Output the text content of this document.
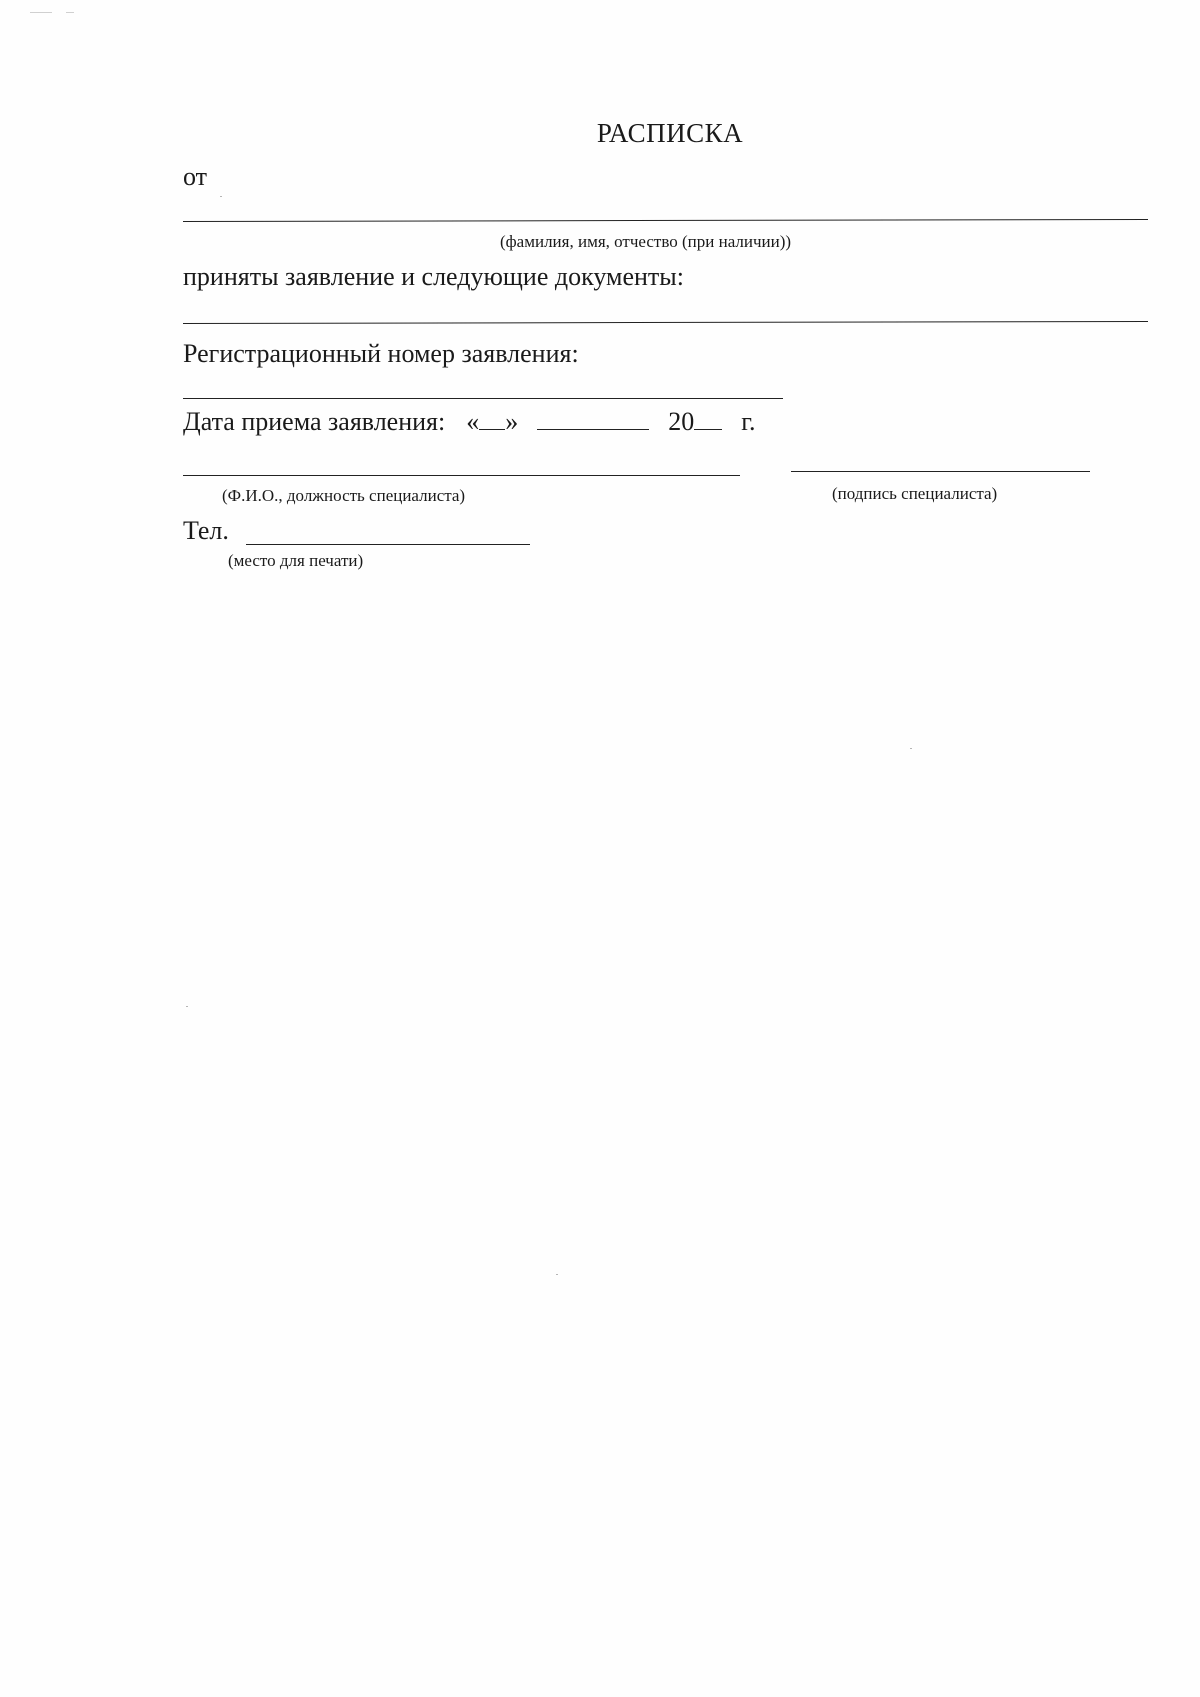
РАСПИСКА
от
(фамилия, имя, отчество (при наличии))
приняты заявление и следующие документы:
Регистрационный номер заявления:
Дата приема заявления: « »	20 г.
(Ф.И.О., должность специалиста)	(подпись специалиста)
Тел.
(место для печати)
